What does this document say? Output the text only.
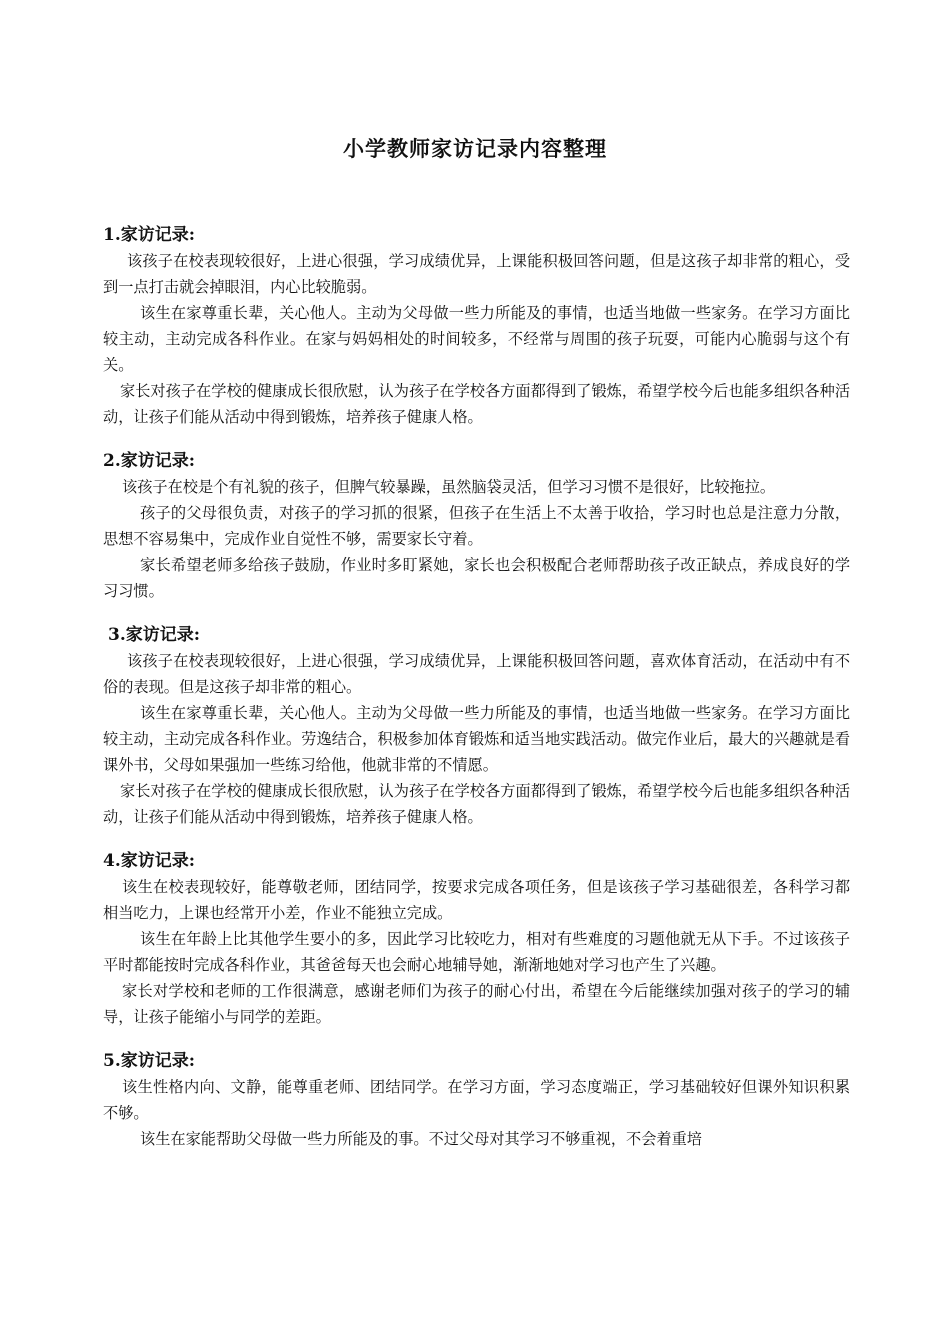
小学教师家访记录内容整理
1.家访记录:

该孩子在校表现较很好，上进心很强，学习成绩优异，上课能积极回答问题，但是这孩子却非常的粗心，受到一点打击就会掉眼泪，内心比较脆弱。

该生在家尊重长辈，关心他人。主动为父母做一些力所能及的事情，也适当地做一些家务。在学习方面比较主动，主动完成各科作业。在家与妈妈相处的时间较多，不经常与周围的孩子玩耍，可能内心脆弱与这个有关。

家长对孩子在学校的健康成长很欣慰，认为孩子在学校各方面都得到了锻炼，希望学校今后也能多组织各种活动，让孩子们能从活动中得到锻炼，培养孩子健康人格。

2.家访记录:

该孩子在校是个有礼貌的孩子，但脾气较暴躁，虽然脑袋灵活，但学习习惯不是很好，比较拖拉。

孩子的父母很负责，对孩子的学习抓的很紧，但孩子在生活上不太善于收拾，学习时也总是注意力分散，思想不容易集中，完成作业自觉性不够，需要家长守着。

家长希望老师多给孩子鼓励，作业时多盯紧她，家长也会积极配合老师帮助孩子改正缺点，养成良好的学习习惯。

3.家访记录:

该孩子在校表现较很好，上进心很强，学习成绩优异，上课能积极回答问题，喜欢体育活动，在活动中有不俗的表现。但是这孩子却非常的粗心。

该生在家尊重长辈，关心他人。主动为父母做一些力所能及的事情，也适当地做一些家务。在学习方面比较主动，主动完成各科作业。劳逸结合，积极参加体育锻炼和适当地实践活动。做完作业后，最大的兴趣就是看课外书，父母如果强加一些练习给他，他就非常的不情愿。

家长对孩子在学校的健康成长很欣慰，认为孩子在学校各方面都得到了锻炼，希望学校今后也能多组织各种活动，让孩子们能从活动中得到锻炼，培养孩子健康人格。

4.家访记录:

该生在校表现较好，能尊敬老师，团结同学，按要求完成各项任务，但是该孩子学习基础很差，各科学习都相当吃力，上课也经常开小差，作业不能独立完成。

该生在年龄上比其他学生要小的多，因此学习比较吃力，相对有些难度的习题他就无从下手。不过该孩子平时都能按时完成各科作业，其爸爸每天也会耐心地辅导她，渐渐地她对学习也产生了兴趣。

家长对学校和老师的工作很满意，感谢老师们为孩子的耐心付出，希望在今后能继续加强对孩子的学习的辅导，让孩子能缩小与同学的差距。

5.家访记录:

该生性格内向、文静，能尊重老师、团结同学。在学习方面，学习态度端正，学习基础较好但课外知识积累不够。

该生在家能帮助父母做一些力所能及的事。不过父母对其学习不够重视，不会着重培
